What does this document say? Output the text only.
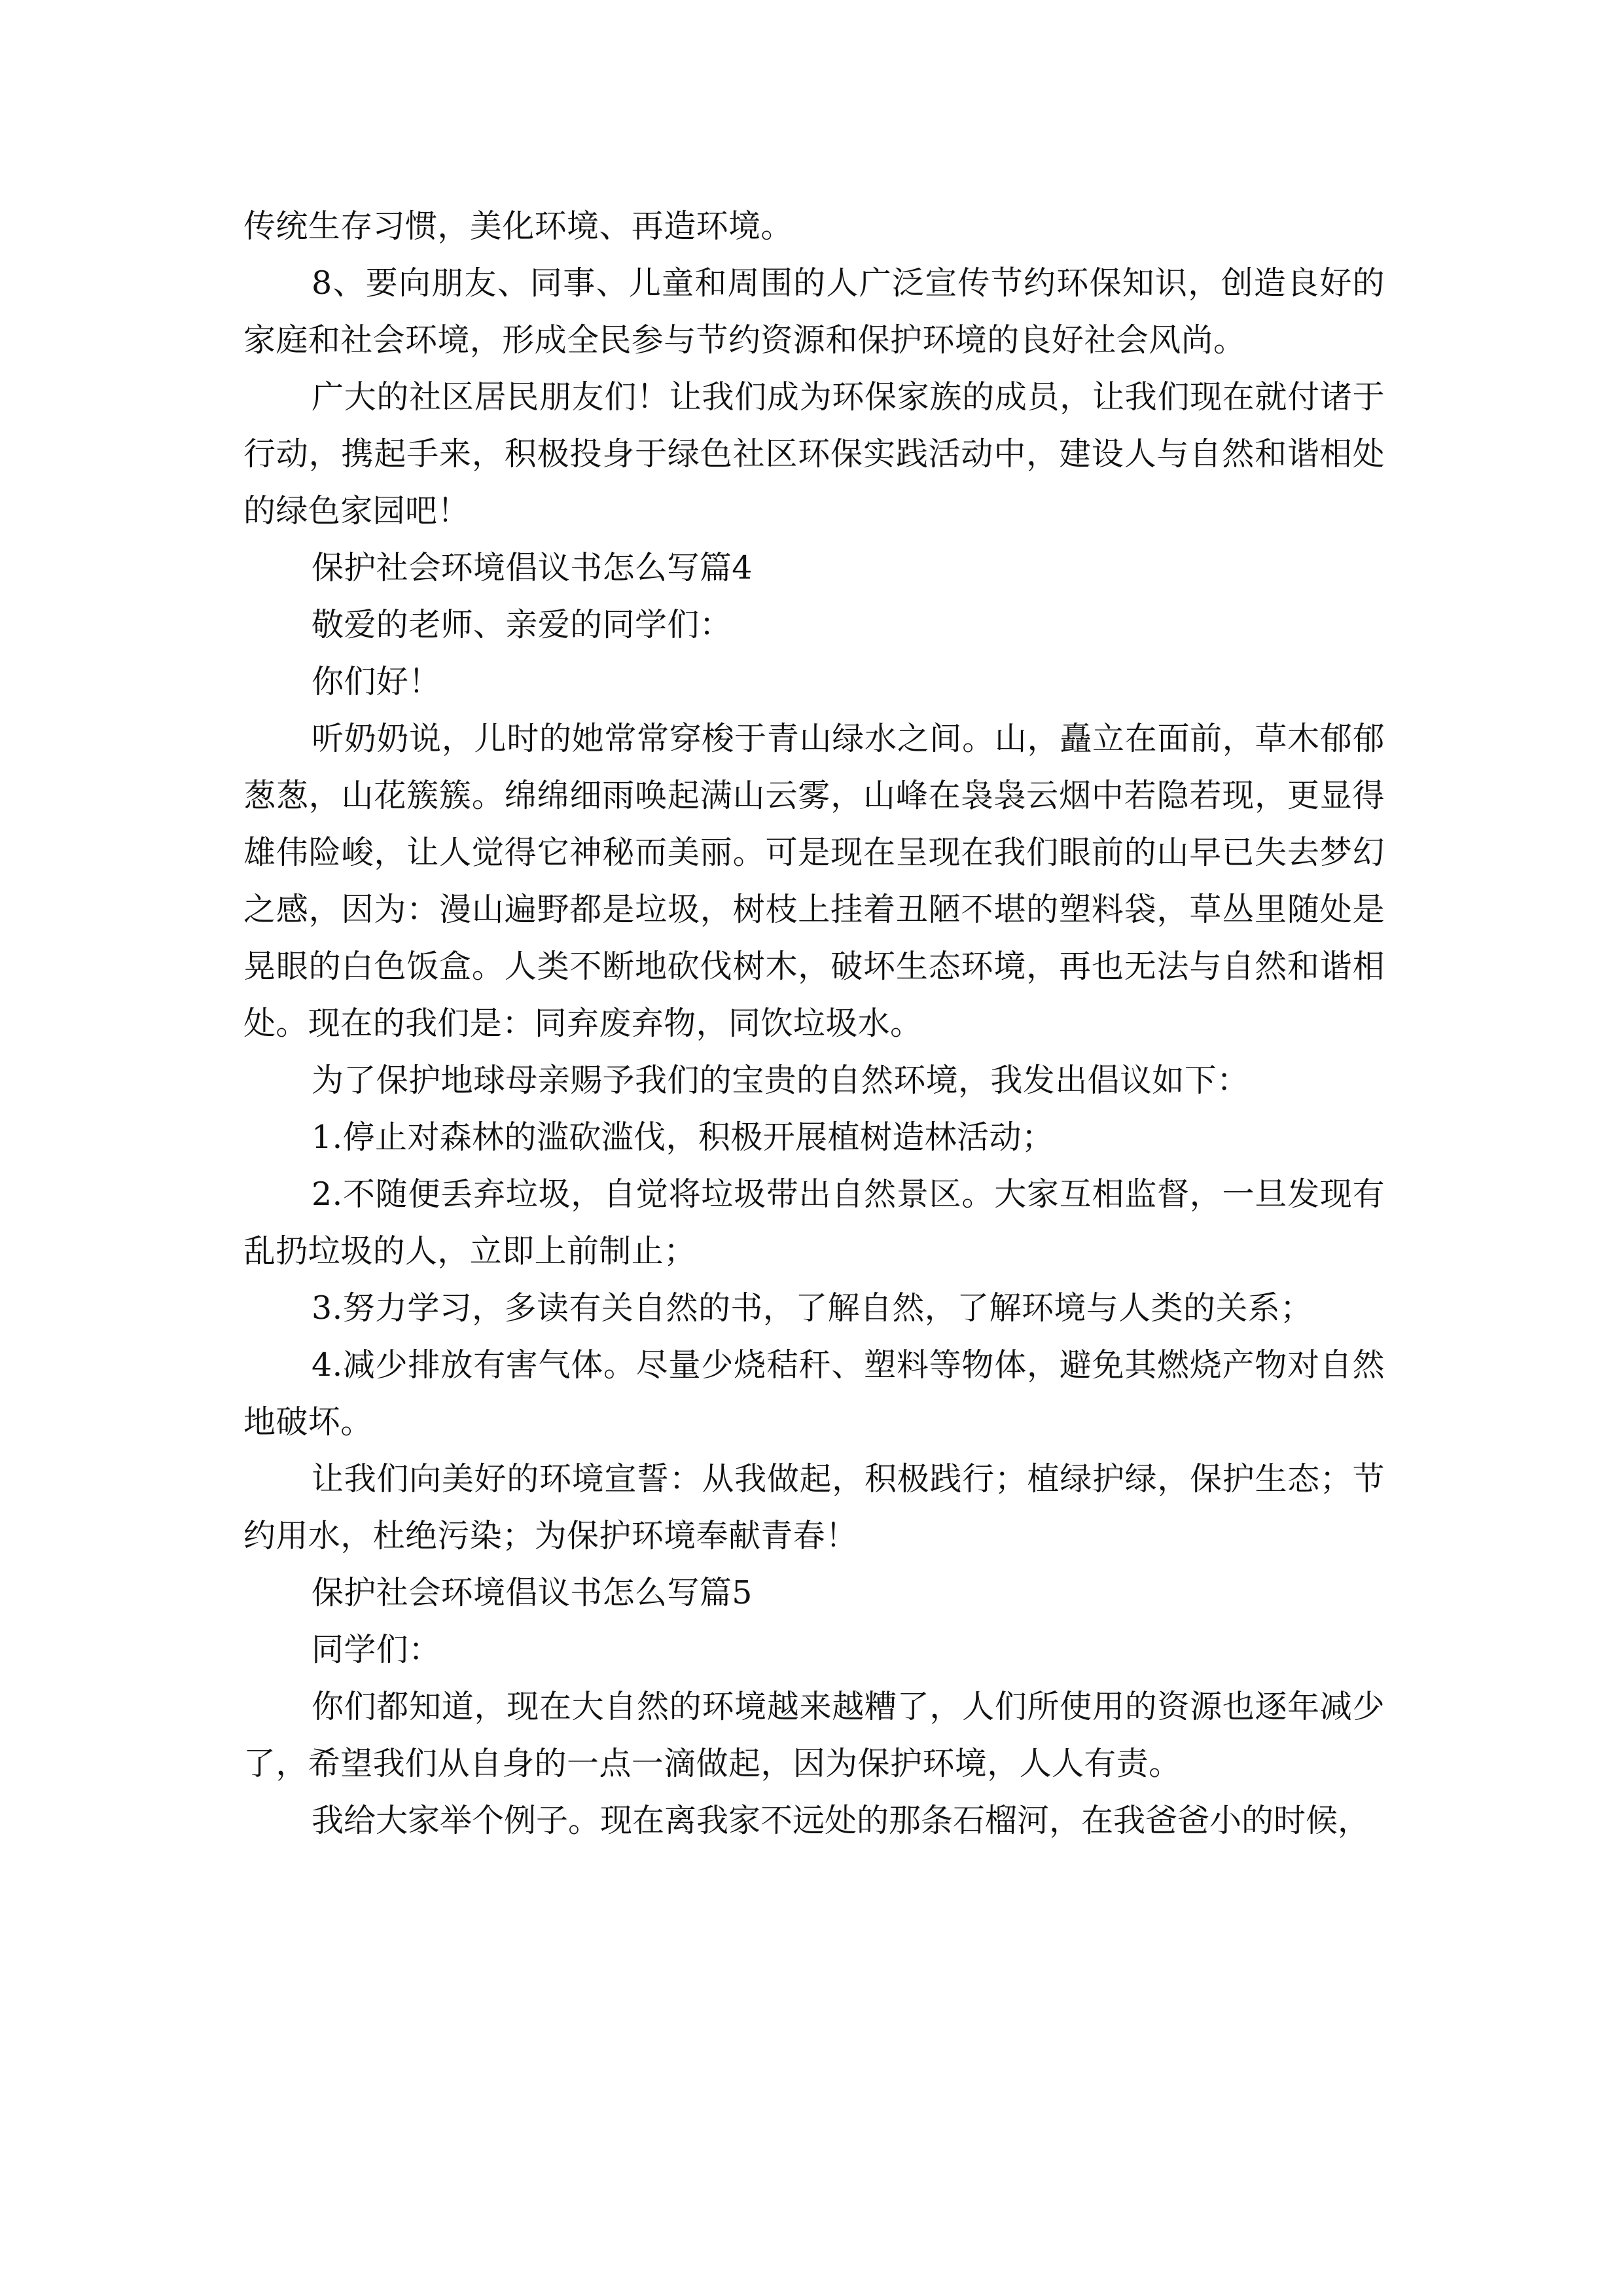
传统生存习惯，美化环境、再造环境。

8、要向朋友、同事、儿童和周围的人广泛宣传节约环保知识，创造良好的家庭和社会环境，形成全民参与节约资源和保护环境的良好社会风尚。

广大的社区居民朋友们！让我们成为环保家族的成员，让我们现在就付诸于行动，携起手来，积极投身于绿色社区环保实践活动中，建设人与自然和谐相处的绿色家园吧！

保护社会环境倡议书怎么写篇4

敬爱的老师、亲爱的同学们：

你们好！

听奶奶说，儿时的她常常穿梭于青山绿水之间。山，矗立在面前，草木郁郁葱葱，山花簇簇。绵绵细雨唤起满山云雾，山峰在袅袅云烟中若隐若现，更显得雄伟险峻，让人觉得它神秘而美丽。可是现在呈现在我们眼前的山早已失去梦幻之感，因为：漫山遍野都是垃圾，树枝上挂着丑陋不堪的塑料袋，草丛里随处是晃眼的白色饭盒。人类不断地砍伐树木，破坏生态环境，再也无法与自然和谐相处。现在的我们是：同弃废弃物，同饮垃圾水。

为了保护地球母亲赐予我们的宝贵的自然环境，我发出倡议如下：

1.停止对森林的滥砍滥伐，积极开展植树造林活动；

2.不随便丢弃垃圾，自觉将垃圾带出自然景区。大家互相监督，一旦发现有乱扔垃圾的人，立即上前制止；

3.努力学习，多读有关自然的书，了解自然，了解环境与人类的关系；

4.减少排放有害气体。尽量少烧秸秆、塑料等物体，避免其燃烧产物对自然地破坏。

让我们向美好的环境宣誓：从我做起，积极践行；植绿护绿，保护生态；节约用水，杜绝污染；为保护环境奉献青春！

保护社会环境倡议书怎么写篇5

同学们：

你们都知道，现在大自然的环境越来越糟了，人们所使用的资源也逐年减少了，希望我们从自身的一点一滴做起，因为保护环境，人人有责。

我给大家举个例子。现在离我家不远处的那条石榴河，在我爸爸小的时候，
